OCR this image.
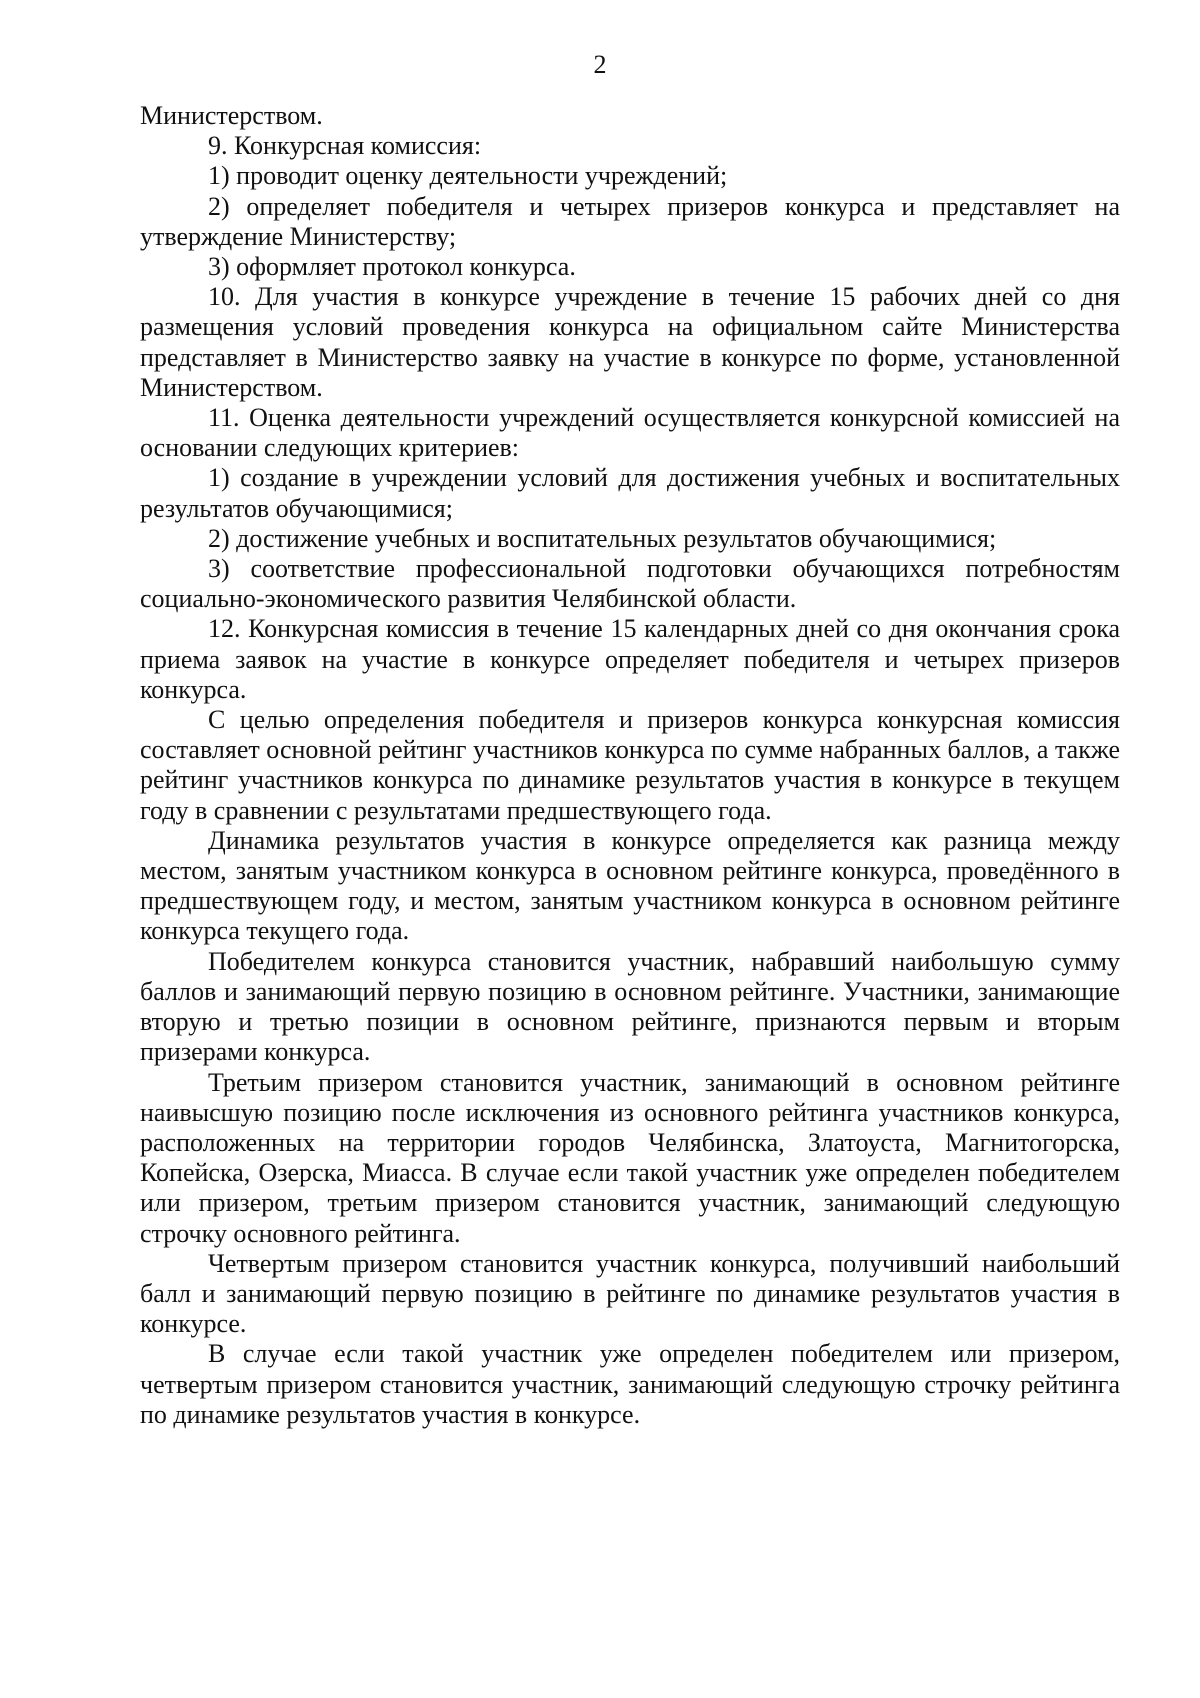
2

Министерством.

9. Конкурсная комиссия:

1) проводит оценку деятельности учреждений;

2) определяет победителя и четырех призеров конкурса и представляет на утверждение Министерству;

3) оформляет протокол конкурса.

10. Для участия в конкурсе учреждение в течение 15 рабочих дней со дня размещения условий проведения конкурса на официальном сайте Министерства представляет в Министерство заявку на участие в конкурсе по форме, установленной Министерством.

11. Оценка деятельности учреждений осуществляется конкурсной комиссией на основании следующих критериев:

1) создание в учреждении условий для достижения учебных и воспитательных результатов обучающимися;

2) достижение учебных и воспитательных результатов обучающимися;

3) соответствие профессиональной подготовки обучающихся потребностям социально-экономического развития Челябинской области.

12. Конкурсная комиссия в течение 15 календарных дней со дня окончания срока приема заявок на участие в конкурсе определяет победителя и четырех призеров конкурса.

С целью определения победителя и призеров конкурса конкурсная комиссия составляет основной рейтинг участников конкурса по сумме набранных баллов, а также рейтинг участников конкурса по динамике результатов участия в конкурсе в текущем году в сравнении с результатами предшествующего года.

Динамика результатов участия в конкурсе определяется как разница между местом, занятым участником конкурса в основном рейтинге конкурса, проведённого в предшествующем году, и местом, занятым участником конкурса в основном рейтинге конкурса текущего года.

Победителем конкурса становится участник, набравший наибольшую сумму баллов и занимающий первую позицию в основном рейтинге. Участники, занимающие вторую и третью позиции в основном рейтинге, признаются первым и вторым призерами конкурса.

Третьим призером становится участник, занимающий в основном рейтинге наивысшую позицию после исключения из основного рейтинга участников конкурса, расположенных на территории городов Челябинска, Златоуста, Магнитогорска, Копейска, Озерска, Миасса. В случае если такой участник уже определен победителем или призером, третьим призером становится участник, занимающий следующую строчку основного рейтинга.

Четвертым призером становится участник конкурса, получивший наибольший балл и занимающий первую позицию в рейтинге по динамике результатов участия в конкурсе.

В случае если такой участник уже определен победителем или призером, четвертым призером становится участник, занимающий следующую строчку рейтинга по динамике результатов участия в конкурсе.
